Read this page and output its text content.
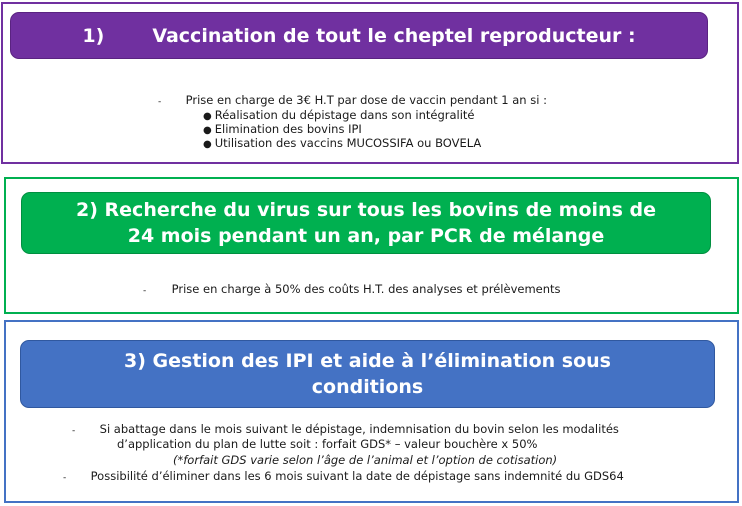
1)	Vaccination de tout le cheptel reproducteur :
- Prise en charge de 3€ H.T par dose de vaccin pendant 1 an si :
● Réalisation du dépistage dans son intégralité
● Elimination des bovins IPI
● Utilisation des vaccins MUCOSSIFA ou BOVELA
2) Recherche du virus sur tous les bovins de moins de
24 mois pendant un an, par PCR de mélange
- Prise en charge à 50% des coûts H.T. des analyses et prélèvements
3) Gestion des IPI et aide à l’élimination sous
conditions
- Si abattage dans le mois suivant le dépistage, indemnisation du bovin selon les modalités
d’application du plan de lutte soit : forfait GDS* – valeur bouchère x 50%
(*forfait GDS varie selon l’âge de l’animal et l’option de cotisation)
- Possibilité d’éliminer dans les 6 mois suivant la date de dépistage sans indemnité du GDS64
